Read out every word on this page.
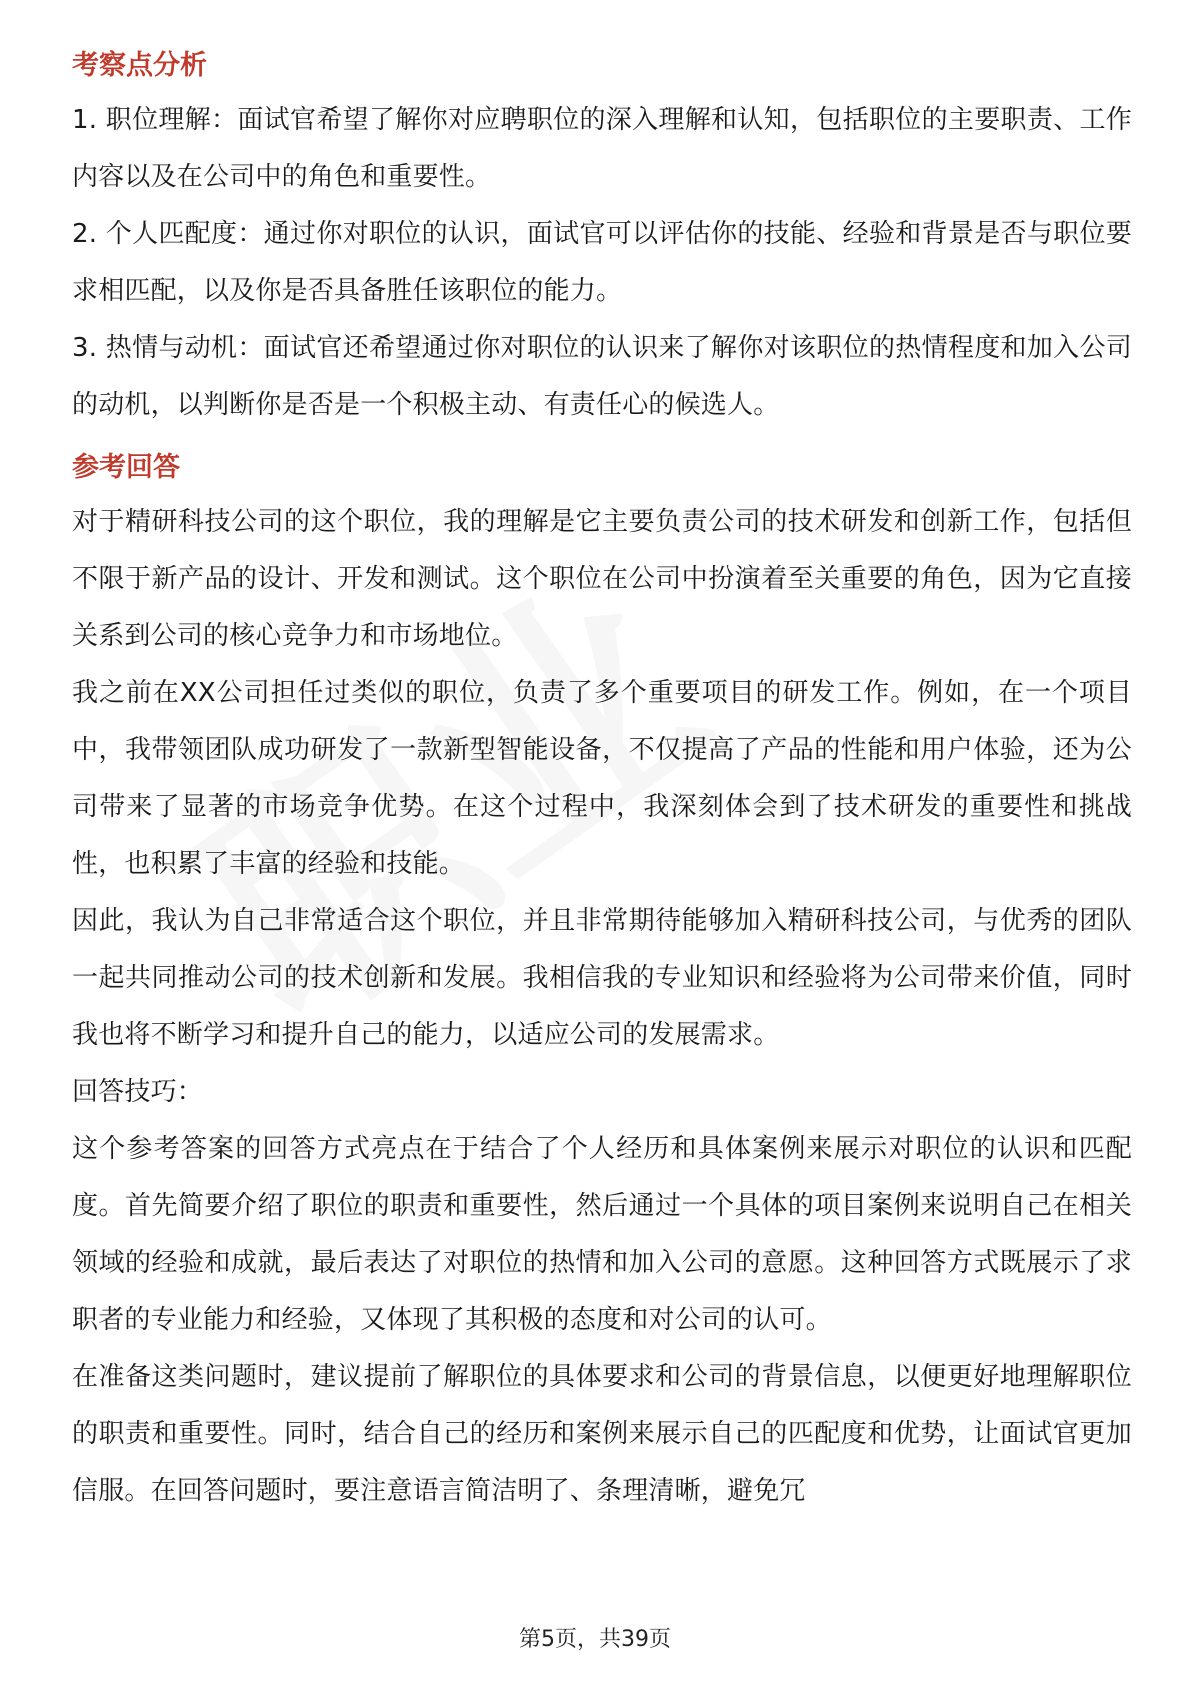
考察点分析

1. 职位理解：面试官希望了解你对应聘职位的深入理解和认知，包括职位的主要职责、工作内容以及在公司中的角色和重要性。

2. 个人匹配度：通过你对职位的认识，面试官可以评估你的技能、经验和背景是否与职位要求相匹配，以及你是否具备胜任该职位的能力。

3. 热情与动机：面试官还希望通过你对职位的认识来了解你对该职位的热情程度和加入公司的动机，以判断你是否是一个积极主动、有责任心的候选人。

参考回答

对于精研科技公司的这个职位，我的理解是它主要负责公司的技术研发和创新工作，包括但不限于新产品的设计、开发和测试。这个职位在公司中扮演着至关重要的角色，因为它直接关系到公司的核心竞争力和市场地位。

我之前在XX公司担任过类似的职位，负责了多个重要项目的研发工作。例如，在一个项目中，我带领团队成功研发了一款新型智能设备，不仅提高了产品的性能和用户体验，还为公司带来了显著的市场竞争优势。在这个过程中，我深刻体会到了技术研发的重要性和挑战性，也积累了丰富的经验和技能。

因此，我认为自己非常适合这个职位，并且非常期待能够加入精研科技公司，与优秀的团队一起共同推动公司的技术创新和发展。我相信我的专业知识和经验将为公司带来价值，同时我也将不断学习和提升自己的能力，以适应公司的发展需求。

回答技巧：

这个参考答案的回答方式亮点在于结合了个人经历和具体案例来展示对职位的认识和匹配度。首先简要介绍了职位的职责和重要性，然后通过一个具体的项目案例来说明自己在相关领域的经验和成就，最后表达了对职位的热情和加入公司的意愿。这种回答方式既展示了求职者的专业能力和经验，又体现了其积极的态度和对公司的认可。

在准备这类问题时，建议提前了解职位的具体要求和公司的背景信息，以便更好地理解职位的职责和重要性。同时，结合自己的经历和案例来展示自己的匹配度和优势，让面试官更加信服。在回答问题时，要注意语言简洁明了、条理清晰，避免冗

第5页，共39页
